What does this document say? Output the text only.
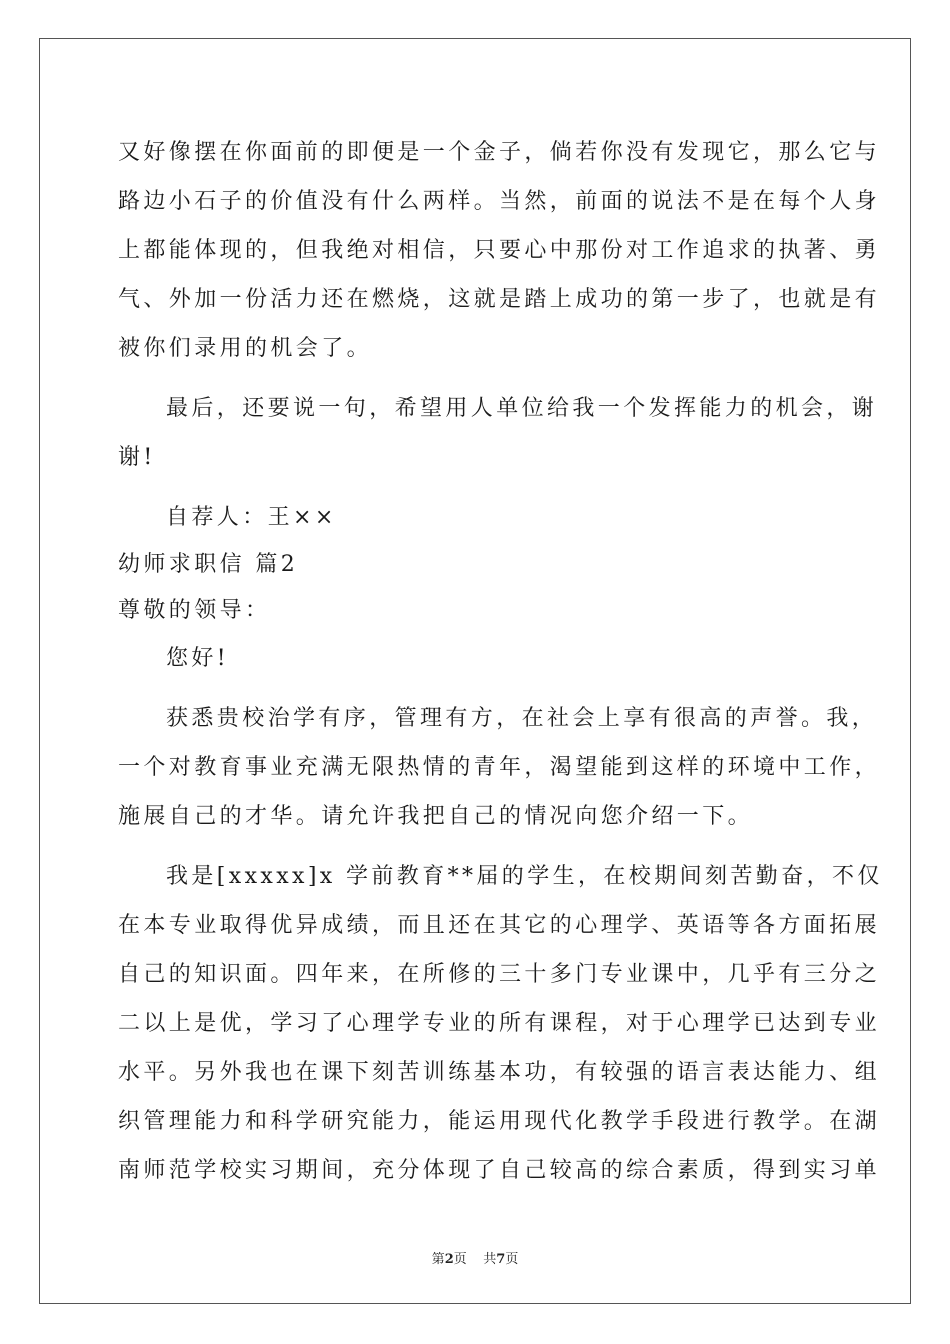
又好像摆在你面前的即便是一个金子，倘若你没有发现它，那么它与
路边小石子的价值没有什么两样。当然，前面的说法不是在每个人身
上都能体现的，但我绝对相信，只要心中那份对工作追求的执著、勇
气、外加一份活力还在燃烧，这就是踏上成功的第一步了，也就是有
被你们录用的机会了。
最后，还要说一句，希望用人单位给我一个发挥能力的机会，谢
谢!
自荐人：王××
幼师求职信 篇2
尊敬的领导：
您好!
获悉贵校治学有序，管理有方，在社会上享有很高的声誉。我，
一个对教育事业充满无限热情的青年，渴望能到这样的环境中工作，
施展自己的才华。请允许我把自己的情况向您介绍一下。
我是[xxxxx]x 学前教育**届的学生，在校期间刻苦勤奋，不仅
在本专业取得优异成绩，而且还在其它的心理学、英语等各方面拓展
自己的知识面。四年来，在所修的三十多门专业课中，几乎有三分之
二以上是优，学习了心理学专业的所有课程，对于心理学已达到专业
水平。另外我也在课下刻苦训练基本功，有较强的语言表达能力、组
织管理能力和科学研究能力，能运用现代化教学手段进行教学。在湖
南师范学校实习期间，充分体现了自己较高的综合素质，得到实习单
第2页    共7页
